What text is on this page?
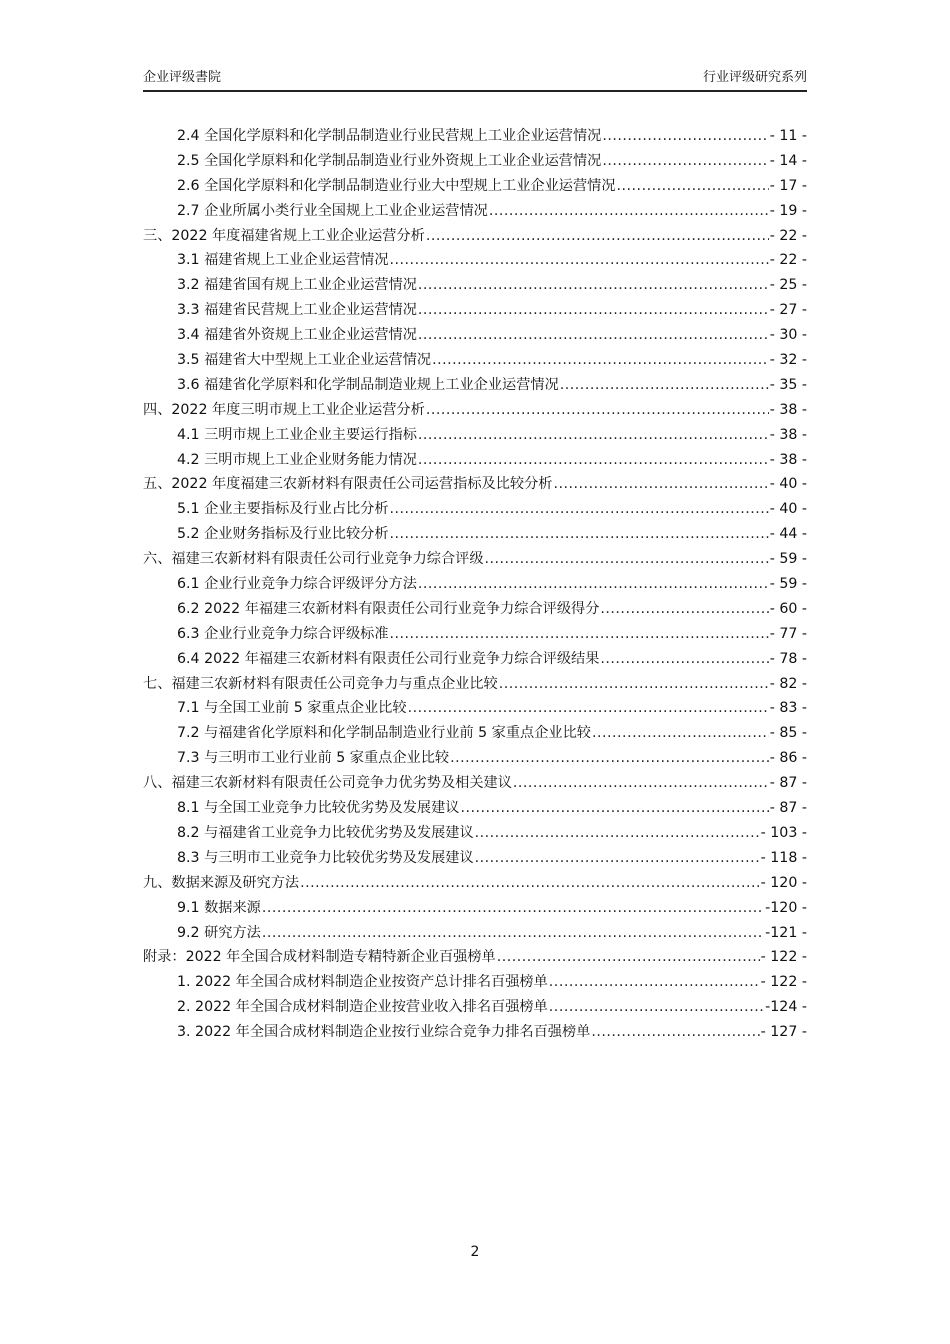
企业评级書院	行业评级研究系列
2.4 全国化学原料和化学制品制造业行业民营规上工业企业运营情况 .....	- 11 -
2.5 全国化学原料和化学制品制造业行业外资规上工业企业运营情况 .....	- 14 -
2.6 全国化学原料和化学制品制造业行业大中型规上工业企业运营情况 .....	- 17 -
2.7 企业所属小类行业全国规上工业企业运营情况 .....	- 19 -
三、2022 年度福建省规上工业企业运营分析 .....	- 22 -
3.1 福建省规上工业企业运营情况 .....	- 22 -
3.2 福建省国有规上工业企业运营情况 .....	- 25 -
3.3 福建省民营规上工业企业运营情况 .....	- 27 -
3.4 福建省外资规上工业企业运营情况 .....	- 30 -
3.5 福建省大中型规上工业企业运营情况 .....	- 32 -
3.6 福建省化学原料和化学制品制造业规上工业企业运营情况 .....	- 35 -
四、2022 年度三明市规上工业企业运营分析 .....	- 38 -
4.1 三明市规上工业企业主要运行指标 .....	- 38 -
4.2 三明市规上工业企业财务能力情况 .....	- 38 -
五、2022 年度福建三农新材料有限责任公司运营指标及比较分析 .....	- 40 -
5.1 企业主要指标及行业占比分析 .....	- 40 -
5.2 企业财务指标及行业比较分析 .....	- 44 -
六、福建三农新材料有限责任公司行业竞争力综合评级 .....	- 59 -
6.1 企业行业竞争力综合评级评分方法 .....	- 59 -
6.2 2022 年福建三农新材料有限责任公司行业竞争力综合评级得分 .....	- 60 -
6.3 企业行业竞争力综合评级标准 .....	- 77 -
6.4 2022 年福建三农新材料有限责任公司行业竞争力综合评级结果 .....	- 78 -
七、福建三农新材料有限责任公司竞争力与重点企业比较 .....	- 82 -
7.1 与全国工业前 5 家重点企业比较 .....	- 83 -
7.2 与福建省化学原料和化学制品制造业行业前 5 家重点企业比较 .....	- 85 -
7.3 与三明市工业行业前 5 家重点企业比较 .....	- 86 -
八、福建三农新材料有限责任公司竞争力优劣势及相关建议 .....	- 87 -
8.1 与全国工业竞争力比较优劣势及发展建议 .....	- 87 -
8.2 与福建省工业竞争力比较优劣势及发展建议 .....	- 103 -
8.3 与三明市工业竞争力比较优劣势及发展建议 .....	- 118 -
九、数据来源及研究方法 .....	- 120 -
9.1 数据来源 .....	-120 -
9.2 研究方法 .....	-121 -
附录：2022 年全国合成材料制造专精特新企业百强榜单 .....	- 122 -
1. 2022 年全国合成材料制造企业按资产总计排名百强榜单 .....	- 122 -
2. 2022 年全国合成材料制造企业按营业收入排名百强榜单 .....	-124 -
3. 2022 年全国合成材料制造企业按行业综合竞争力排名百强榜单 .....	- 127 -
2
